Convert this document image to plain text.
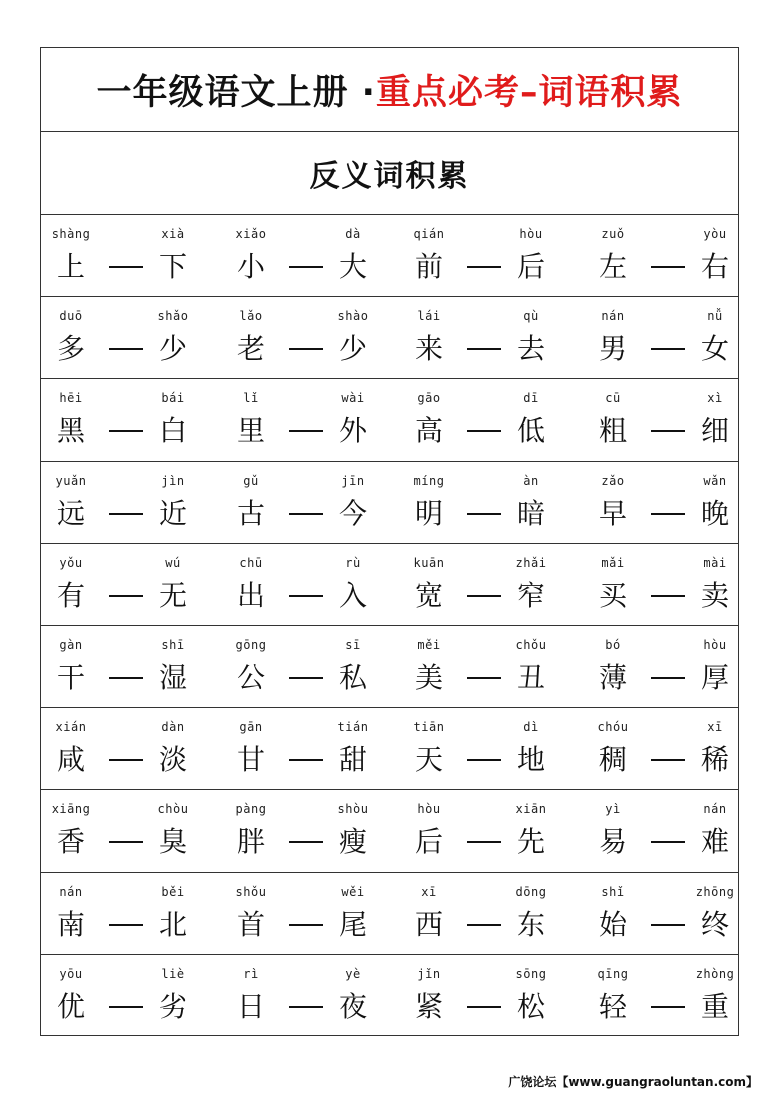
一年级语文上册 ·重点必考–词语积累
反义词积累
shàng
上
xià
下
xiǎo
小
dà
大
qián
前
hòu
后
zuǒ
左
yòu
右
duō
多
shǎo
少
lǎo
老
shào
少
lái
来
qù
去
nán
男
nǚ
女
hēi
黑
bái
白
lǐ
里
wài
外
gāo
高
dī
低
cū
粗
xì
细
yuǎn
远
jìn
近
gǔ
古
jīn
今
míng
明
àn
暗
zǎo
早
wǎn
晚
yǒu
有
wú
无
chū
出
rù
入
kuān
宽
zhǎi
窄
mǎi
买
mài
卖
gàn
干
shī
湿
gōng
公
sī
私
měi
美
chǒu
丑
bó
薄
hòu
厚
xián
咸
dàn
淡
gān
甘
tián
甜
tiān
天
dì
地
chóu
稠
xī
稀
xiāng
香
chòu
臭
pàng
胖
shòu
瘦
hòu
后
xiān
先
yì
易
nán
难
nán
南
běi
北
shǒu
首
wěi
尾
xī
西
dōng
东
shǐ
始
zhōng
终
yōu
优
liè
劣
rì
日
yè
夜
jǐn
紧
sōng
松
qīng
轻
zhòng
重
广饶论坛【www.guangraoluntan.com】
